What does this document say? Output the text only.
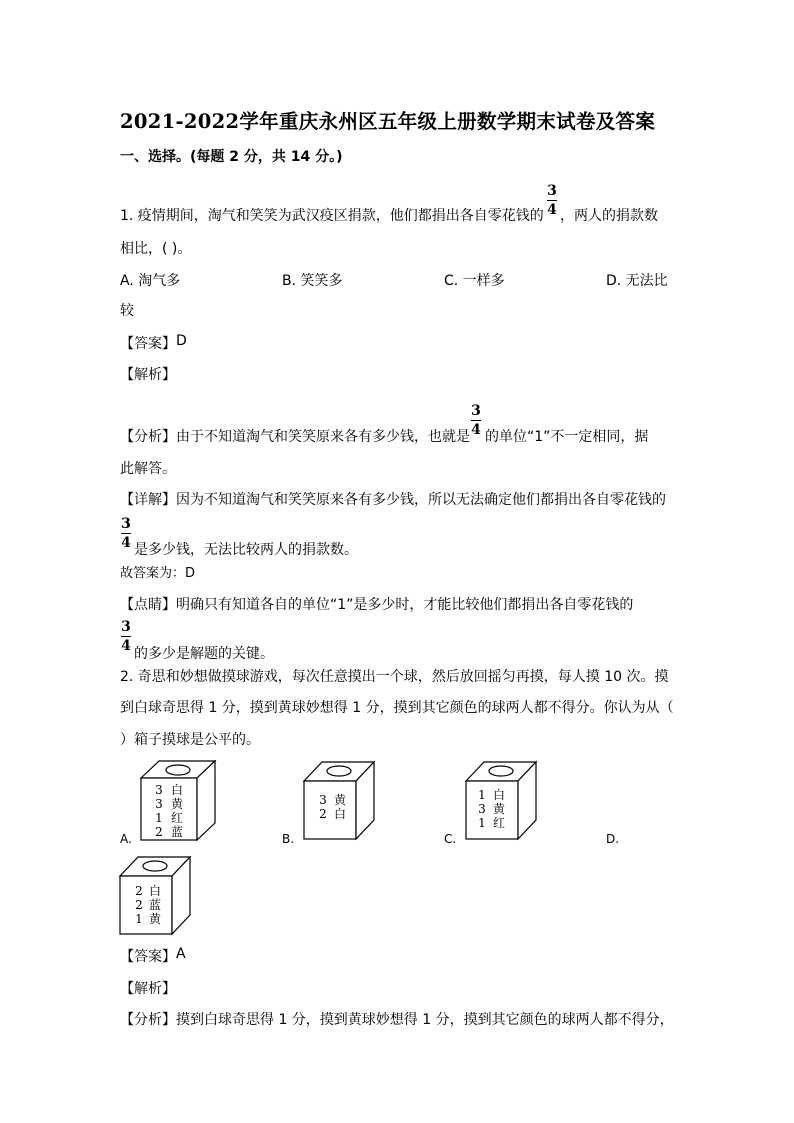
2021-2022学年重庆永州区五年级上册数学期末试卷及答案
一、选择。(每题 2 分，共 14 分。)
1. 疫情期间，淘气和笑笑为武汉疫区捐款，他们都捐出各自零花钱的
3
4 ，两人的捐款数
相比，( )。
A. 淘气多	B. 笑笑多	C. 一样多	D. 无法比
较
【答案】 D
【解析】
【分析】 由于不知道淘气和笑笑原来各有多少钱，也就是
3
4 的单位“1”不一定相同，据
此解答。
【详解】 因为不知道淘气和笑笑原来各有多少钱，所以无法确定他们都捐出各自零花钱的
3
4 是多少钱，无法比较两人的捐款数。
故答案为：D
【点睛】 明确只有知道各自的单位“1”是多少时，才能比较他们都捐出各自零花钱的
3
4 的多少是解题的关键。
2. 奇思和妙想做摸球游戏，每次任意摸出一个球，然后放回摇匀再摸，每人摸 10 次。摸
到白球奇思得 1 分，摸到黄球妙想得 1 分，摸到其它颜色的球两人都不得分。你认为从（
）箱子摸球是公平的。
3
3
1
2
白
黄
红
蓝
A.
3
2
黄
白
B.
1
3
1
白
黄
红
C.	D.
2
2
1
白
蓝
黄
【答案】 A
【解析】
【分析】 摸到白球奇思得 1 分，摸到黄球妙想得 1 分，摸到其它颜色的球两人都不得分，
